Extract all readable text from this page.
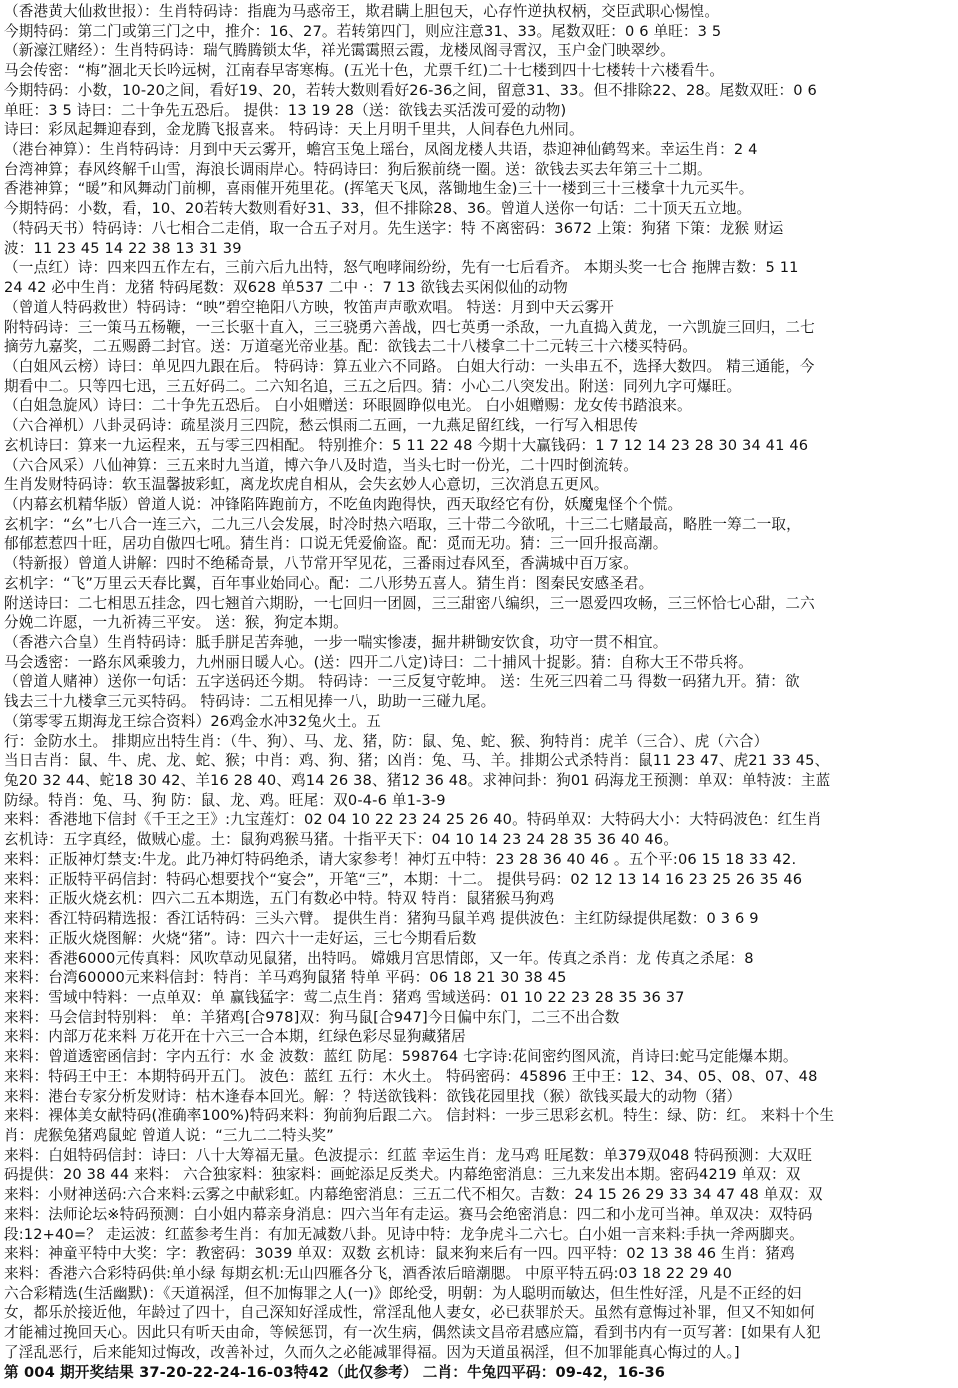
（香港黄大仙救世报）：生肖特码诗：指鹿为马惑帝王，欺君瞒上胆包天，心存忤逆执权柄，交臣武职心惕惶。
今期特码：第二门或第三门之中，推介：16、27。若转第四门，则应注意31、33。尾数双旺：0 6 单旺：3 5
（新濠江赌经）：生肖特码诗：瑞气腾腾锁太华，祥光霭霭照云霞，龙楼凤阁寻霄汉，玉户金门映翠纱。
马会传密：“梅”涸北天长吟远树，江南春早寄寒梅。(五光十色，尤票千红)二十七楼到四十七楼转十六楼看牛。
今期特码：小数，10-20之间，看好19、20，若转大数则看好26-36之间，留意31、33。但不排除22、28。尾数双旺：0 6
单旺：3 5 诗曰：二十争先五恐后。 提供：13 19 28（送：欲钱去买活泼可爱的动物)
诗曰：彩凤起舞迎春到，金龙腾飞报喜来。 特码诗：天上月明千里共，人间春色九州同。
（港台神算）：生肖特码诗：月到中天云雾开，蟾宫玉兔上瑶台，凤阁龙楼人共语，恭迎神仙鹤驾来。幸运生肖：2 4
台湾神算；春风终解千山雪，海浪长调雨岸心。特码诗曰：狗后猴前绕一圈。送：欲钱去买去年第三十二期。
香港神算；“暖”和风舞动门前柳，喜雨催开苑里花。(挥笔天飞凤，落锄地生金)三十一楼到三十三楼拿十九元买牛。
今期特码：小数，看，10、20若转大数则看好31、33，但不排除28、36。曾道人送你一句话：二十顶天五立地。
（特码天书）特码诗：八七相合二走俏，取一合五子对月。先生送字：特 不离密码：3672 上策：狗猪 下策：龙猴 财运
波：11 23 45 14 22 38 13 31 39
（一点红）诗：四来四五作左右，三前六后九出特，怒气咆哮闹纷纷，先有一七后看齐。 本期头奖一七合 拖牌吉数：5 11
24 42 必中生肖：龙猪 特码尾数：双628 单537 二中 ·：7 13 欲钱去买闲似仙的动物
（曾道人特码救世）特码诗：“映”碧空艳阳八方映，牧笛声声歌欢唱。 特送：月到中天云雾开
附特码诗：三一策马五杨鞭，一三长驱十直入，三三骁勇六善战，四七英勇一杀敌，一九直捣入黄龙，一六凯旋三回归，二七
摘劳九嘉奖，二五赐爵二封官。送：万道毫光帝业基。配：欲钱去二十八楼拿二十二元转三十六楼买特码。
（白姐风云榜）诗曰：单见四九跟在后。 特码诗：算五业六不同路。 白姐大行动：一头串五不，选择大数四。 精三通能，今
期看中二。只等四七迅，三五好码二。二六知名追，三五之后四。猜：小心二八突发出。附送：同列九字可爆旺。
（白姐急旋风）诗曰：二十争先五恐后。 白小姐赠送：环眼圆睁似电光。 白小姐赠赐：龙女传书踏浪来。
（六合禅机）八卦灵码诗：疏星淡月三四院，愁云惧雨二五画，一九燕足留红线，一行写入相思传
玄机诗曰：算来一九运程来，五与零三四相配。 特别推介：5 11 22 48 今期十大赢钱码：1 7 12 14 23 28 30 34 41 46
（六合风采）八仙神算：三五来时九当道，博六争八及时造，当头七时一份光，二十四时倒流转。
生肖发财特码诗：软玉温馨披彩虹，离龙坎虎自相从，会失玄妙人心意切，三次消息五更风。
（内幕玄机精华版）曾道人说：冲锋陷阵跑前方，不吃鱼肉跑得快，西天取经它有份，妖魔鬼怪个个慌。
玄机字：“幺”七八合一连三六，二九三八会发展，时冷时热六唔取，三十带二今欲吼，十三二七赌最高，略胜一筹二一取，
郁郁惹惹四十旺，居功自傲四七吼。猜生肖：口说无凭爱偷盗。配：觅而无功。猜：三一回升报高潮。
（特新报）曾道人讲解：四时不绝稀奇景，八节常开罕见花，三番雨过春风至，香满城中百万家。
玄机字：“飞”万里云天春比翼，百年事业始同心。配：二八形势五喜人。猜生肖：图秦民安感圣君。
附送诗曰：二七相思五挂念，四七翘首六期盼，一七回归一团圆，三三甜密八编织，三一恩爱四攻畅，三三怀恰七心甜，二六
分娩二许愿，一九祈祷三平安。 送：猴，狗定本期。
（香港六合皇）生肖特码诗：胝手胼足苦奔驰，一步一喘实惨凄，掘井耕锄安饮食，功守一贯不相宜。
马会透密：一路东风乘骏力，九州丽日暖人心。(送：四开二八定)诗曰：二十捕风十捉影。猜：自称大王不带兵将。
（曾道人赌神）送你一句话：五字送码还今期。 特码诗：一三反复守乾坤。 送：生死三四着二马 得数一码猪九开。猜：欲
钱去三十九楼拿三元买特码。 特码诗：二五相见捧一八，助助一三碰九尾。
（第零零五期海龙王综合资料）26鸡金水冲32兔火土。五
行：金防水土。 排期应出特生肖：（牛、狗）、马、龙、猪，防：鼠、兔、蛇、猴、狗特肖：虎羊（三合）、虎（六合）
当日吉肖：鼠、牛、虎、龙、蛇、猴；中肖：鸡、狗、猪；凶肖：兔、马、羊。排期公式杀特肖：鼠11 23 47、虎21 33 45、
兔20 32 44、蛇18 30 42、羊16 28 40、鸡14 26 38、猪12 36 48。求神问卦：狗01 码海龙王预测：单双：单特波：主蓝
防绿。特肖：兔、马、狗 防：鼠、龙、鸡。旺尾：双0-4-6 单1-3-9
来料：香港地下信封《千王之王》:九宝莲灯：02 04 10 22 23 24 25 26 40。特码单双：大特码大小：大特码波色：红生肖
玄机诗：五字真经，做贼心虚。土：鼠狗鸡猴马猪。十指平天下：04 10 14 23 24 28 35 36 40 46。
来料：正版神灯禁支:牛龙。此乃神灯特码绝杀，请大家参考！神灯五中特：23 28 36 40 46 。五个平:06 15 18 33 42.
来料：正版特平码信封：特码心想要找个“宴会”，开笔“三”，本期：十二。 提供号码：02 12 13 14 16 23 25 26 35 46
来料：正版火烧玄机：四六二五本期选，五门有数必中特。特双 特肖：鼠猪猴马狗鸡
来料：香江特码精选报：香江话特码：三头六臂。 提供生肖：猪狗马鼠羊鸡 提供波色：主红防绿提供尾数：0 3 6 9
来料：正版火烧图解：火烧“猪”。诗：四六十一走好运，三七今期看后数
来料：香港6000元传真料：风吹草动见鼠猪，出特吗。 嫦娥月宫思情郎，又一年。传真之杀肖：龙 传真之杀尾：8
来料：台湾60000元来料信封：特肖：羊马鸡狗鼠猪 特单 平码：06 18 21 30 38 45
来料：雪域中特料：一点单双：单 赢钱猛字：莺二点生肖：猪鸡 雪域送码：01 10 22 23 28 35 36 37
来料：马会信封特别料： 单：羊猪鸡[合978]双：狗马鼠[合947]今日偏中东门，二三不出合数
来料：内部万花来料 万花开在十六三一合本期，红绿色彩尽显狗藏猪居
来料：曾道透密函信封：字内五行：水 金 波数：蓝红 防尾：598764 七字诗:花间密约图风流，肖诗曰:蛇马定能爆本期。
来料：特码王中王：本期特码开五门。 波色：蓝红 五行：木火土。 特码密码：45896 王中王：12、34、05、08、07、48
来料：港台专家分析发财诗：枯木逢春本回光。解：？特送欲钱料：欲钱花园里找（猴）欲钱买最大的动物（猪）
来料：裸体美女献特码(准确率100%)特码来料：狗前狗后跟二六。 信封料：一步三思彩玄机。特生：绿、防：红。 来料十个生
肖：虎猴兔猪鸡鼠蛇 曾道人说：“三九二二特头奖”
来料：白姐特码信封：诗曰：八十大筹福无量。色波提示：红蓝 幸运生肖：龙马鸡 旺尾数：单379双048 特码预测：大双旺
码提供：20 38 44 来料： 六合独家料：独家料：画蛇添足反类犬。内幕绝密消息：三九来发出本期。密码4219 单双：双
来料：小财神送码:六合来料:云雾之中献彩虹。内幕绝密消息：三五二代不相欠。吉数：24 15 26 29 33 34 47 48 单双：双
来料：法师论坛※特码预测：白小姐内幕亲身消息：四六当年有走运。赛马会绝密消息：四二和小龙可当神。单双决：双特码
段:12+40=？ 走运波：红蓝参考生肖：有加无减数八卦。见诗中特：龙争虎斗二六七。白小姐一言来料:手执一斧两脚夹。
来料：神童平特中大奖：字：教密码：3039 单双：双数 玄机诗：鼠来狗来后有一四。四平特：02 13 38 46 生肖：猪鸡
来料：香港六合彩特码供:单小绿 每期玄机:无山四雁各分飞，酒香浓后暗潮腮。 中原平特五码:03 18 22 29 40
六合彩精选(生活幽默)：《天道祸淫，但不加悔罪之人(一)》郎纶受，明朝：为人聪明而敏达，但生性好淫，凡是不正经的妇
女，都乐於接近他，年龄过了四十，自己深知好淫成性，常淫乱他人妻女，必已获罪於天。虽然有意悔过补罪，但又不知如何
才能補过挽回天心。因此只有听天由命，等候惩罚，有一次生病，偶然读文昌帝君感应篇，看到书内有一页写著：[如果有人犯
了淫乱恶行，后来能知过悔改，改善补过，久而久之必能减罪得福。因为天道虽祸淫，但不加罪能真心悔过的人。]
第 004 期开奖结果 37-20-22-24-16-03特42（此仅参考） 二肖：牛兔四平码：09-42，16-36
